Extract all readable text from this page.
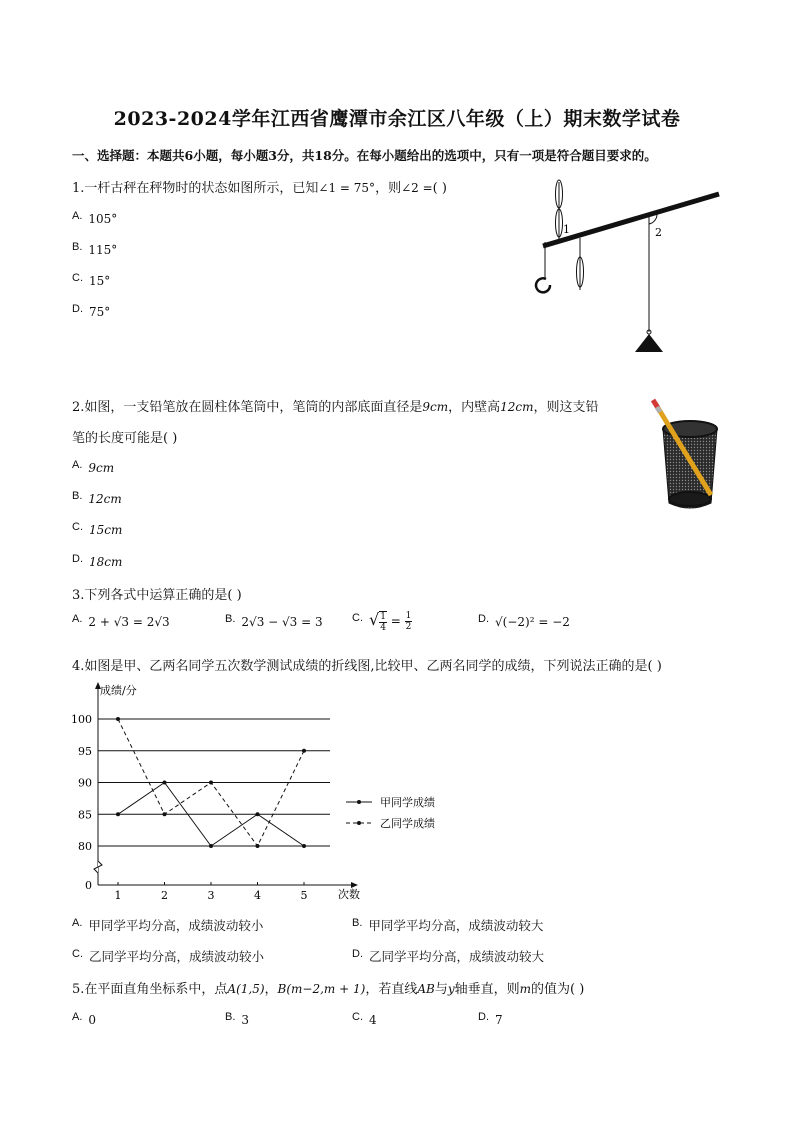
2023-2024学年江西省鹰潭市余江区八年级（上）期末数学试卷
一、选择题：本题共6小题，每小题3分，共18分。在每小题给出的选项中，只有一项是符合题目要求的。
1.一杆古秤在秤物时的状态如图所示，已知∠1 = 75°，则∠2 =( )
A. 105°
B. 115°
C. 15°
D. 75°
1	2
2.如图，一支铅笔放在圆柱体笔筒中，笔筒的内部底面直径是9cm，内壁高12cm，则这支铅
笔的长度可能是( )
A. 9cm
B. 12cm
C. 15cm
D. 18cm
3.下列各式中运算正确的是( )
A. 2 + √3 = 2√3	B. 2√3 − √3 = 3	C. √ $\frac{1}{4} = \frac{1}{2}$	D. √(−2)² = −2
4.如图是甲、乙两名同学五次数学测试成绩的折线图,比较甲、乙两名同学的成绩，下列说法正确的是( )
成绩/分
次数
0
80
85
90
95
100
1	2	3	4	5
甲同学成绩
乙同学成绩
A. 甲同学平均分高，成绩波动较小	B. 甲同学平均分高，成绩波动较大
C. 乙同学平均分高，成绩波动较小	D. 乙同学平均分高，成绩波动较大
5.在平面直角坐标系中，点A(1,5)，B(m−2,m + 1)，若直线AB与y轴垂直，则m的值为( )
A. 0	B. 3	C. 4	D. 7
